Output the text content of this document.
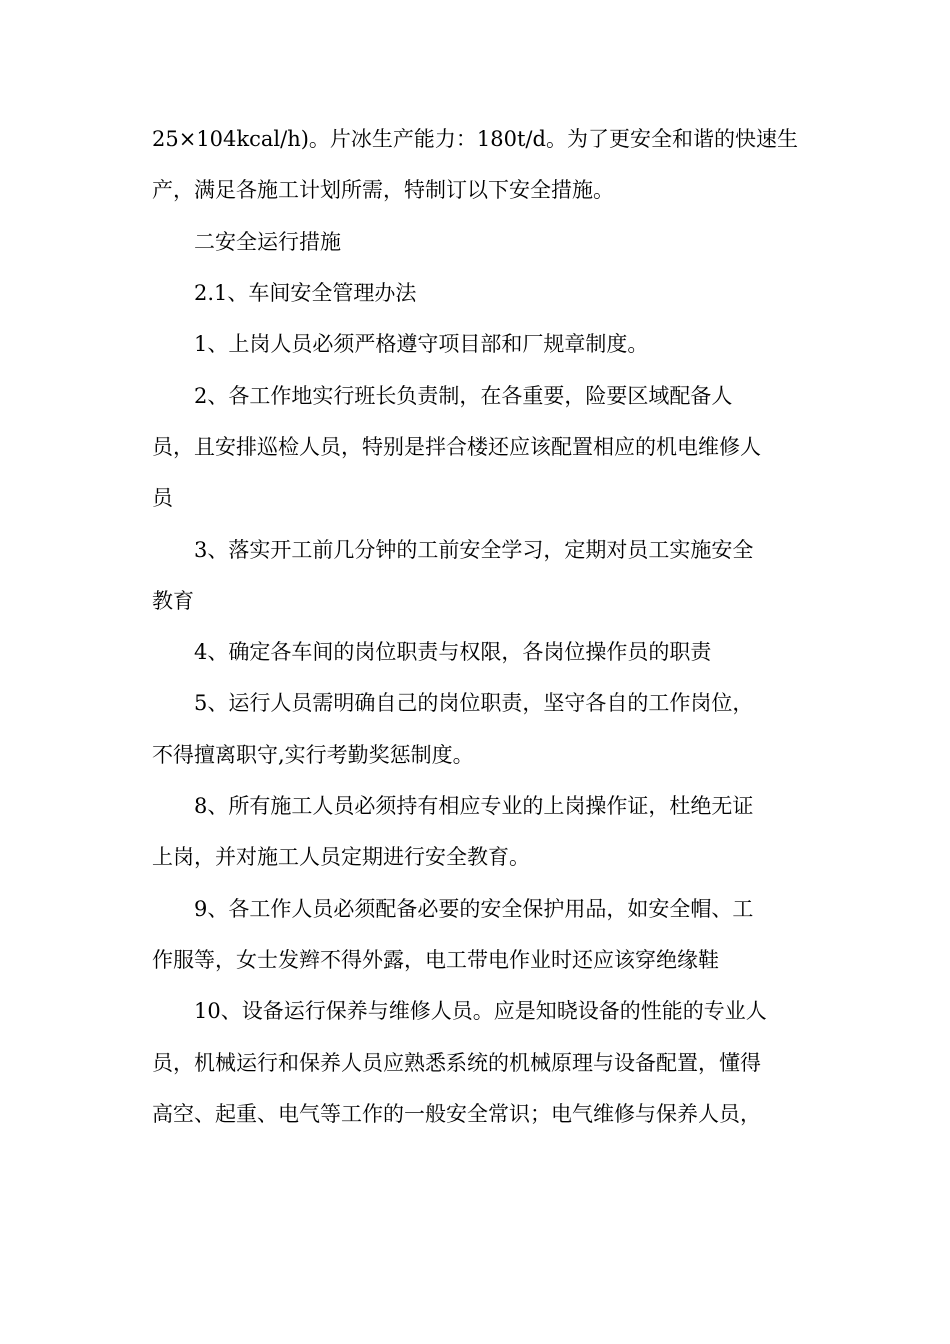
25×104kcal/h)。片冰生产能力：180t/d。为了更安全和谐的快速生
产，满足各施工计划所需，特制订以下安全措施。
二安全运行措施
2.1、车间安全管理办法
1、上岗人员必须严格遵守项目部和厂规章制度。
2、各工作地实行班长负责制，在各重要，险要区域配备人
员，且安排巡检人员，特别是拌合楼还应该配置相应的机电维修人
员
3、落实开工前几分钟的工前安全学习，定期对员工实施安全
教育
4、确定各车间的岗位职责与权限，各岗位操作员的职责
5、运行人员需明确自己的岗位职责，坚守各自的工作岗位，
不得擅离职守,实行考勤奖惩制度。
8、所有施工人员必须持有相应专业的上岗操作证，杜绝无证
上岗，并对施工人员定期进行安全教育。
9、各工作人员必须配备必要的安全保护用品，如安全帽、工
作服等，女士发辫不得外露，电工带电作业时还应该穿绝缘鞋
10、设备运行保养与维修人员。应是知晓设备的性能的专业人
员，机械运行和保养人员应熟悉系统的机械原理与设备配置，懂得
高空、起重、电气等工作的一般安全常识；电气维修与保养人员，
